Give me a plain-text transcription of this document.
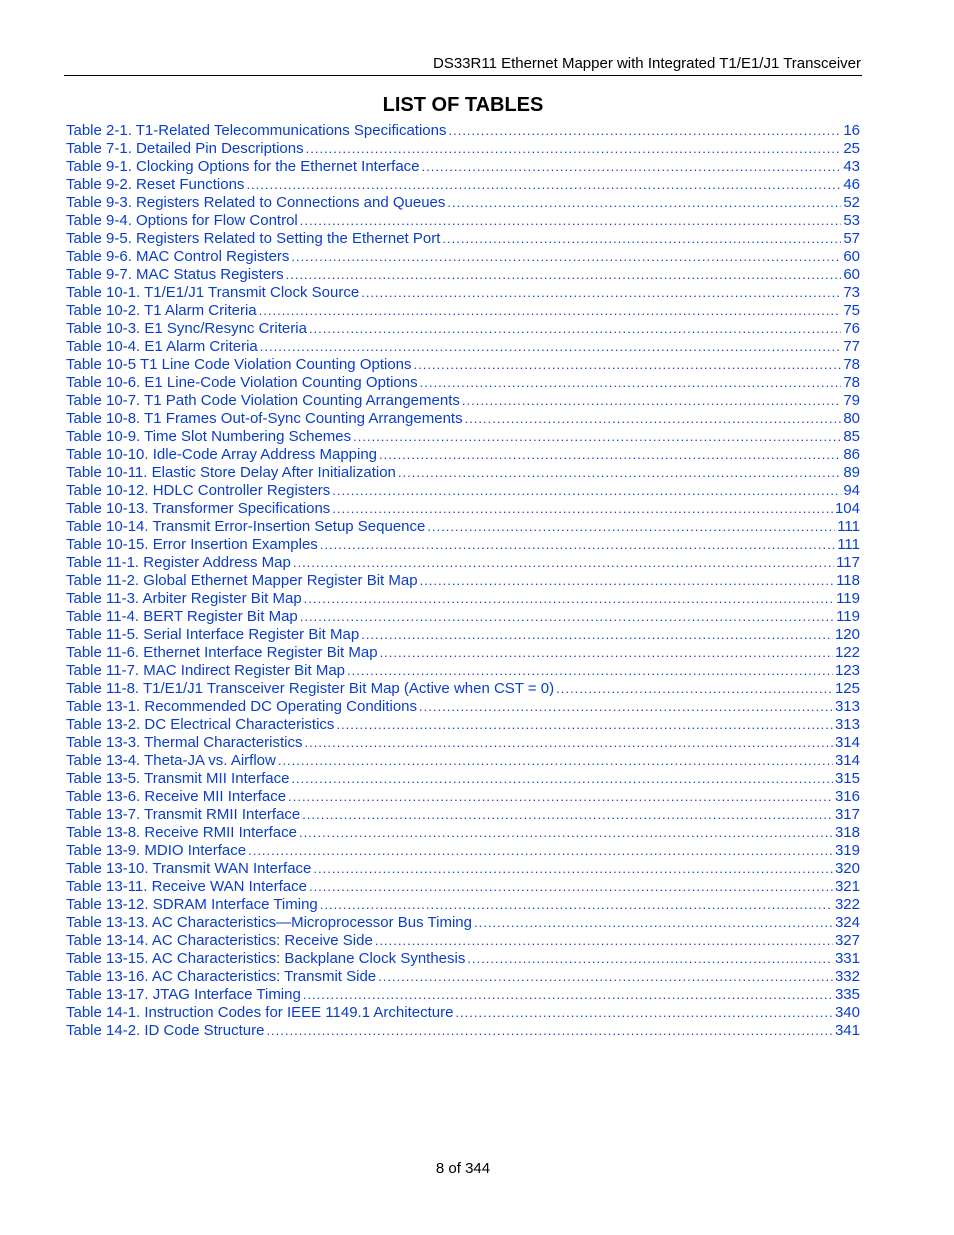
DS33R11 Ethernet Mapper with Integrated T1/E1/J1 Transceiver
LIST OF TABLES
Table 2-1. T1-Related Telecommunications Specifications .....	16
Table 7-1. Detailed Pin Descriptions .....	25
Table 9-1. Clocking Options for the Ethernet Interface .....	43
Table 9-2. Reset Functions .....	46
Table 9-3. Registers Related to Connections and Queues .....	52
Table 9-4. Options for Flow Control .....	53
Table 9-5. Registers Related to Setting the Ethernet Port .....	57
Table 9-6. MAC Control Registers .....	60
Table 9-7. MAC Status Registers .....	60
Table 10-1. T1/E1/J1 Transmit Clock Source .....	73
Table 10-2. T1 Alarm Criteria .....	75
Table 10-3. E1 Sync/Resync Criteria .....	76
Table 10-4. E1 Alarm Criteria .....	77
Table 10-5 T1 Line Code Violation Counting Options .....	78
Table 10-6. E1 Line-Code Violation Counting Options .....	78
Table 10-7. T1 Path Code Violation Counting Arrangements .....	79
Table 10-8. T1 Frames Out-of-Sync Counting Arrangements .....	80
Table 10-9. Time Slot Numbering Schemes .....	85
Table 10-10. Idle-Code Array Address Mapping .....	86
Table 10-11. Elastic Store Delay After Initialization .....	89
Table 10-12. HDLC Controller Registers .....	94
Table 10-13. Transformer Specifications .....	104
Table 10-14. Transmit Error-Insertion Setup Sequence .....	111
Table 10-15. Error Insertion Examples .....	111
Table 11-1. Register Address Map .....	117
Table 11-2. Global Ethernet Mapper Register Bit Map .....	118
Table 11-3. Arbiter Register Bit Map .....	119
Table 11-4. BERT Register Bit Map .....	119
Table 11-5. Serial Interface Register Bit Map .....	120
Table 11-6. Ethernet Interface Register Bit Map .....	122
Table 11-7. MAC Indirect Register Bit Map .....	123
Table 11-8. T1/E1/J1 Transceiver Register Bit Map (Active when $\overline{CST} = 0$) .....	125
Table 13-1. Recommended DC Operating Conditions .....	313
Table 13-2. DC Electrical Characteristics .....	313
Table 13-3. Thermal Characteristics .....	314
Table 13-4. Theta-JA vs. Airflow .....	314
Table 13-5. Transmit MII Interface .....	315
Table 13-6. Receive MII Interface .....	316
Table 13-7. Transmit RMII Interface .....	317
Table 13-8. Receive RMII Interface .....	318
Table 13-9. MDIO Interface .....	319
Table 13-10. Transmit WAN Interface .....	320
Table 13-11. Receive WAN Interface .....	321
Table 13-12. SDRAM Interface Timing .....	322
Table 13-13. AC Characteristics—Microprocessor Bus Timing .....	324
Table 13-14. AC Characteristics: Receive Side .....	327
Table 13-15. AC Characteristics: Backplane Clock Synthesis .....	331
Table 13-16. AC Characteristics: Transmit Side .....	332
Table 13-17. JTAG Interface Timing .....	335
Table 14-1. Instruction Codes for IEEE 1149.1 Architecture .....	340
Table 14-2. ID Code Structure .....	341
8 of 344
